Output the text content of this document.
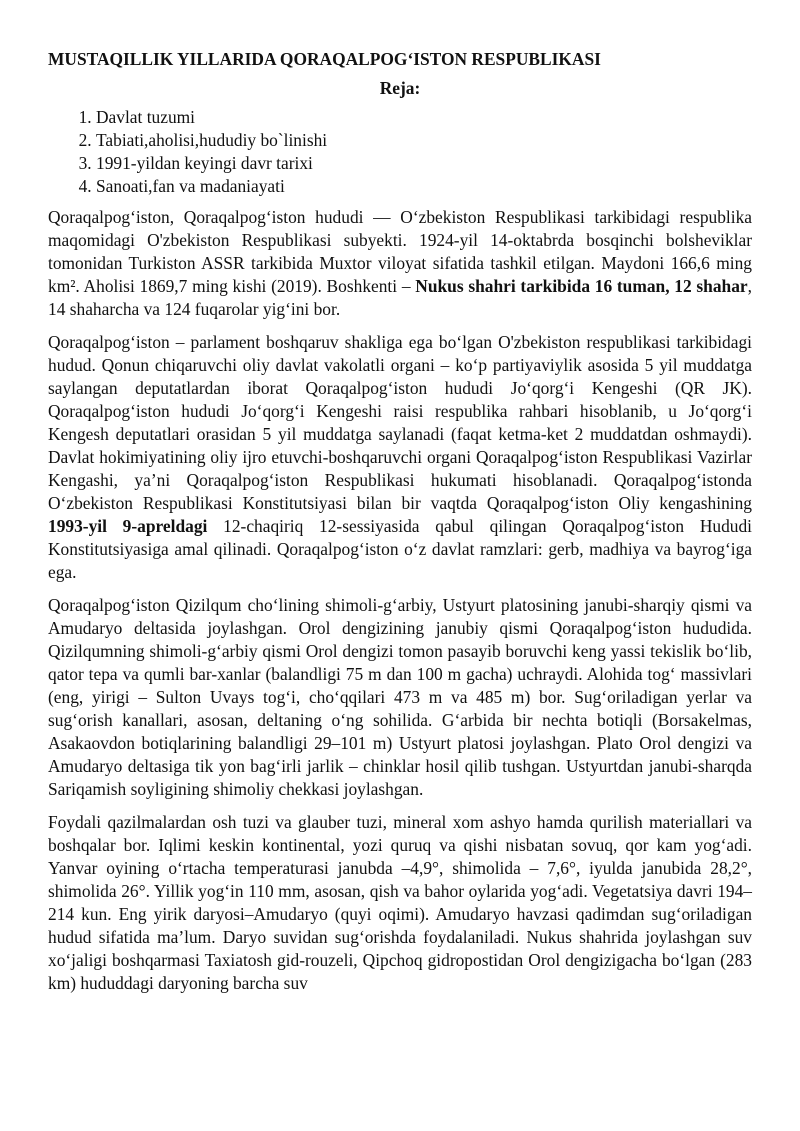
MUSTAQILLIK YILLARIDA QORAQALPOG‘ISTON RESPUBLIKASI
Reja:
1. Davlat tuzumi
2. Tabiati,aholisi,hududiy bo`linishi
3. 1991-yildan keyingi davr tarixi
4. Sanoati,fan va madaniayati

Qoraqalpog‘iston, Qoraqalpog‘iston hududi — O‘zbekiston Respublikasi tarkibidagi respublika maqomidagi O'zbekiston Respublikasi subyekti. 1924-yil 14-oktabrda bosqinchi bolsheviklar tomonidan Turkiston ASSR tarkibida Muxtor viloyat sifatida tashkil etilgan. Maydoni 166,6 ming km². Aholisi 1869,7 ming kishi (2019). Boshkenti – Nukus shahri tarkibida 16 tuman, 12 shahar, 14 shaharcha va 124 fuqarolar yig‘ini bor.

Qoraqalpog‘iston – parlament boshqaruv shakliga ega bo‘lgan O'zbekiston respublikasi tarkibidagi hudud. Qonun chiqaruvchi oliy davlat vakolatli organi – ko‘p partiyaviylik asosida 5 yil muddatga saylangan deputatlardan iborat Qoraqalpog‘iston hududi Jo‘qorg‘i Kengeshi (QR JK). Qoraqalpog‘iston hududi Jo‘qorg‘i Kengeshi raisi respublika rahbari hisoblanib, u Jo‘qorg‘i Kengesh deputatlari orasidan 5 yil muddatga saylanadi (faqat ketma-ket 2 muddatdan oshmaydi). Davlat hokimiyatining oliy ijro etuvchi-boshqaruvchi organi Qoraqalpog‘iston Respublikasi Vazirlar Kengashi, ya’ni Qoraqalpog‘iston Respublikasi hukumati hisoblanadi. Qoraqalpog‘istonda O‘zbekiston Respublikasi Konstitutsiyasi bilan bir vaqtda Qoraqalpog‘iston Oliy kengashining 1993-yil 9-apreldagi 12-chaqiriq 12-sessiyasida qabul qilingan Qoraqalpog‘iston Hududi Konstitutsiyasiga amal qilinadi. Qoraqalpog‘iston o‘z davlat ramzlari: gerb, madhiya va bayrog‘iga ega.

Qoraqalpog‘iston Qizilqum cho‘lining shimoli-g‘arbiy, Ustyurt platosining janubi-sharqiy qismi va Amudaryo deltasida joylashgan. Orol dengizining janubiy qismi Qoraqalpog‘iston hududida. Qizilqumning shimoli-g‘arbiy qismi Orol dengizi tomon pasayib boruvchi keng yassi tekislik bo‘lib, qator tepa va qumli bar-xanlar (balandligi 75 m dan 100 m gacha) uchraydi. Alohida tog‘ massivlari (eng, yirigi – Sulton Uvays tog‘i, cho‘qqilari 473 m va 485 m) bor. Sug‘oriladigan yerlar va sug‘orish kanallari, asosan, deltaning o‘ng sohilida. G‘arbida bir nechta botiqli (Borsakelmas, Asakaovdon botiqlarining balandligi 29–101 m) Ustyurt platosi joylashgan. Plato Orol dengizi va Amudaryo deltasiga tik yon bag‘irli jarlik – chinklar hosil qilib tushgan. Ustyurtdan janubi-sharqda Sariqamish soyligining shimoliy chekkasi joylashgan.

Foydali qazilmalardan osh tuzi va glauber tuzi, mineral xom ashyo hamda qurilish materiallari va boshqalar bor. Iqlimi keskin kontinental, yozi quruq va qishi nisbatan sovuq, qor kam yog‘adi. Yanvar oyining o‘rtacha temperaturasi janubda –4,9°, shimolida – 7,6°, iyulda janubida 28,2°, shimolida 26°. Yillik yog‘in 110 mm, asosan, qish va bahor oylarida yog‘adi. Vegetatsiya davri 194–214 kun. Eng yirik daryosi–Amudaryo (quyi oqimi). Amudaryo havzasi qadimdan sug‘oriladigan hudud sifatida ma’lum. Daryo suvidan sug‘orishda foydalaniladi. Nukus shahrida joylashgan suv xo‘jaligi boshqarmasi Taxiatosh gid-rouzeli, Qipchoq gidropostidan Orol dengizigacha bo‘lgan (283 km) hududdagi daryoning barcha suv
